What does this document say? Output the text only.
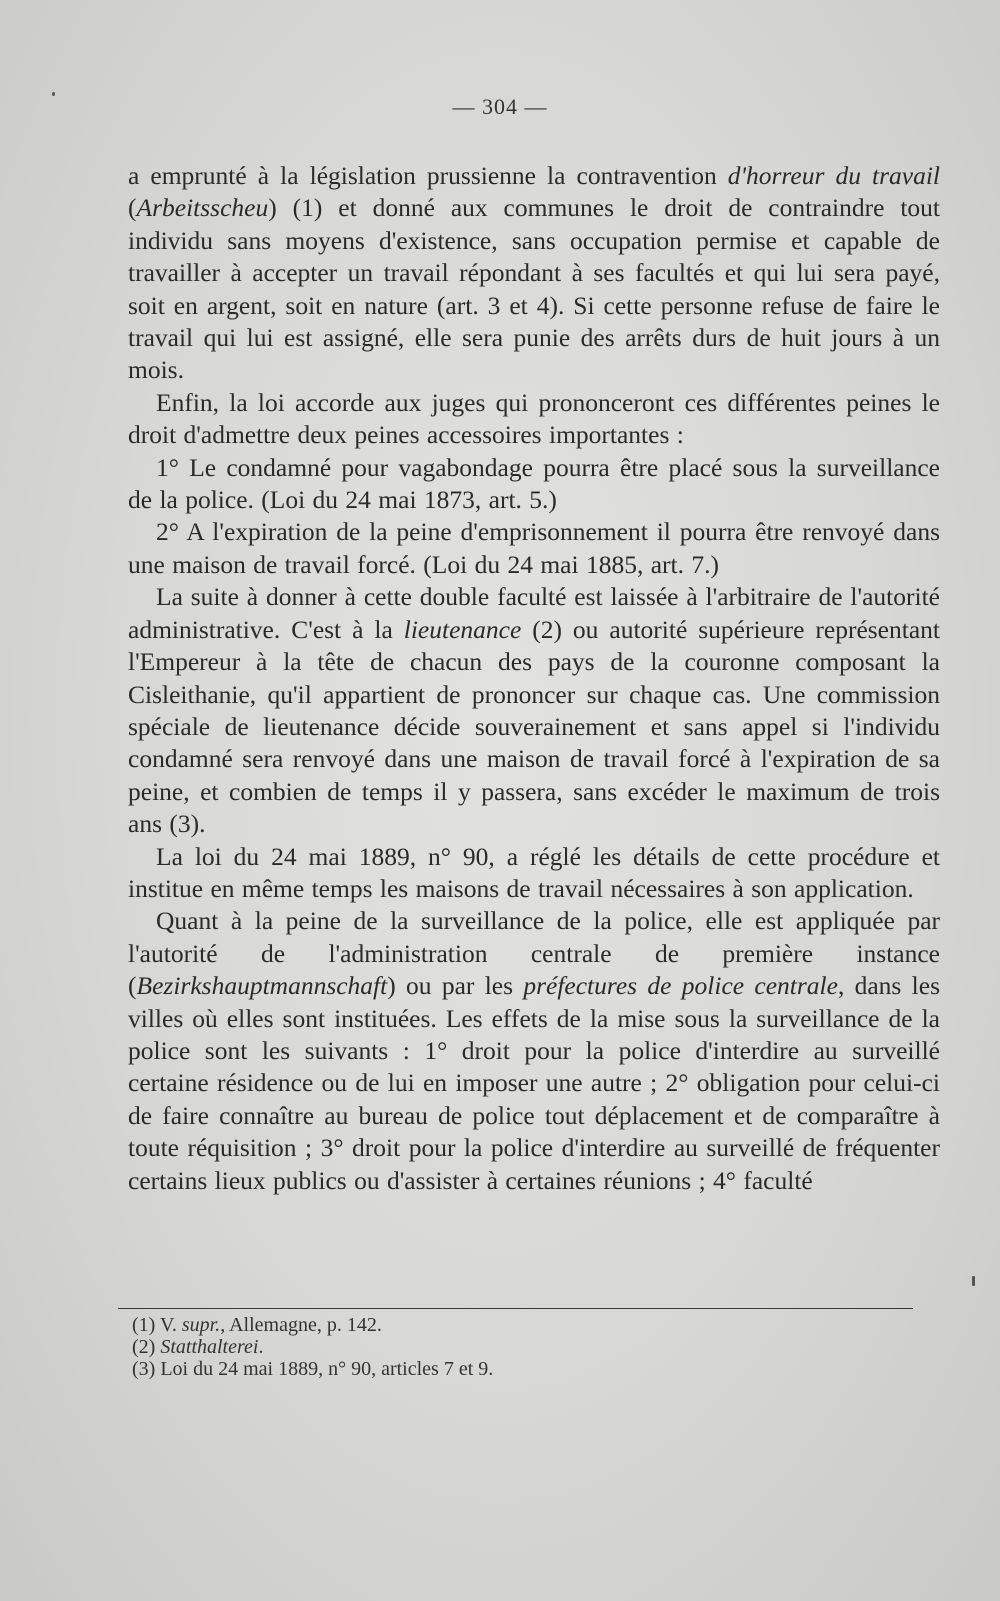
— 304 —

a emprunté à la législation prussienne la contravention d'horreur du travail (Arbeitsscheu) (1) et donné aux communes le droit de contraindre tout individu sans moyens d'existence, sans occupation permise et capable de travailler à accepter un travail répondant à ses facultés et qui lui sera payé, soit en argent, soit en nature (art. 3 et 4). Si cette personne refuse de faire le travail qui lui est assigné, elle sera punie des arrêts durs de huit jours à un mois.

Enfin, la loi accorde aux juges qui prononceront ces différentes peines le droit d'admettre deux peines accessoires importantes :

1° Le condamné pour vagabondage pourra être placé sous la surveillance de la police. (Loi du 24 mai 1873, art. 5.)

2° A l'expiration de la peine d'emprisonnement il pourra être renvoyé dans une maison de travail forcé. (Loi du 24 mai 1885, art. 7.)

La suite à donner à cette double faculté est laissée à l'arbitraire de l'autorité administrative. C'est à la lieutenance (2) ou autorité supérieure représentant l'Empereur à la tête de chacun des pays de la couronne composant la Cisleithanie, qu'il appartient de prononcer sur chaque cas. Une commission spéciale de lieutenance décide souverainement et sans appel si l'individu condamné sera renvoyé dans une maison de travail forcé à l'expiration de sa peine, et combien de temps il y passera, sans excéder le maximum de trois ans (3).

La loi du 24 mai 1889, n° 90, a réglé les détails de cette procédure et institue en même temps les maisons de travail nécessaires à son application.

Quant à la peine de la surveillance de la police, elle est appliquée par l'autorité de l'administration centrale de première instance (Bezirkshauptmannschaft) ou par les préfectures de police centrale, dans les villes où elles sont instituées. Les effets de la mise sous la surveillance de la police sont les suivants : 1° droit pour la police d'interdire au surveillé certaine résidence ou de lui en imposer une autre ; 2° obligation pour celui-ci de faire connaître au bureau de police tout déplacement et de comparaître à toute réquisition ; 3° droit pour la police d'interdire au surveillé de fréquenter certains lieux publics ou d'assister à certaines réunions ; 4° faculté

(1) V. supr., Allemagne, p. 142.

(2) Statthalterei.

(3) Loi du 24 mai 1889, n° 90, articles 7 et 9.
